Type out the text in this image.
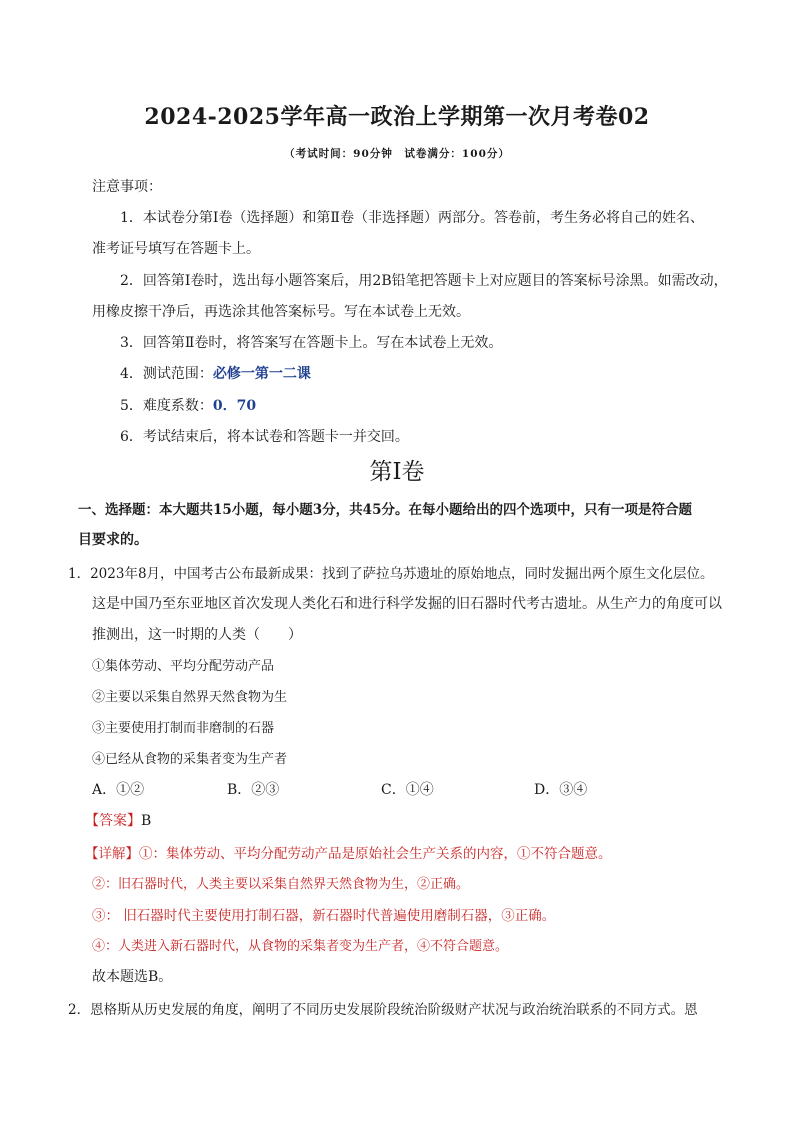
2024-2025学年高一政治上学期第一次月考卷02
（考试时间：90分钟　试卷满分：100分）
注意事项：
1．本试卷分第Ⅰ卷（选择题）和第Ⅱ卷（非选择题）两部分。答卷前，考生务必将自己的姓名、
准考证号填写在答题卡上。
2．回答第Ⅰ卷时，选出每小题答案后，用2B铅笔把答题卡上对应题目的答案标号涂黑。如需改动，
用橡皮擦干净后，再选涂其他答案标号。写在本试卷上无效。
3．回答第Ⅱ卷时，将答案写在答题卡上。写在本试卷上无效。
4．测试范围：必修一第一二课
5．难度系数：0．70
6．考试结束后，将本试卷和答题卡一并交回。
第Ⅰ卷
一、选择题：本大题共15小题，每小题3分，共45分。在每小题给出的四个选项中，只有一项是符合题
目要求的。
1．2023年8月，中国考古公布最新成果：找到了萨拉乌苏遗址的原始地点，同时发掘出两个原生文化层位。
这是中国乃至东亚地区首次发现人类化石和进行科学发掘的旧石器时代考古遗址。从生产力的角度可以
推测出，这一时期的人类（　　）
①集体劳动、平均分配劳动产品
②主要以采集自然界天然食物为生
③主要使用打制而非磨制的石器
④已经从食物的采集者变为生产者
A．①②	B．②③	C．①④	D．③④
【答案】B
【详解】①：集体劳动、平均分配劳动产品是原始社会生产关系的内容，①不符合题意。
②：旧石器时代，人类主要以采集自然界天然食物为生，②正确。
③： 旧石器时代主要使用打制石器，新石器时代普遍使用磨制石器，③正确。
④：人类进入新石器时代，从食物的采集者变为生产者，④不符合题意。
故本题选B。
2．恩格斯从历史发展的角度，阐明了不同历史发展阶段统治阶级财产状况与政治统治联系的不同方式。恩
